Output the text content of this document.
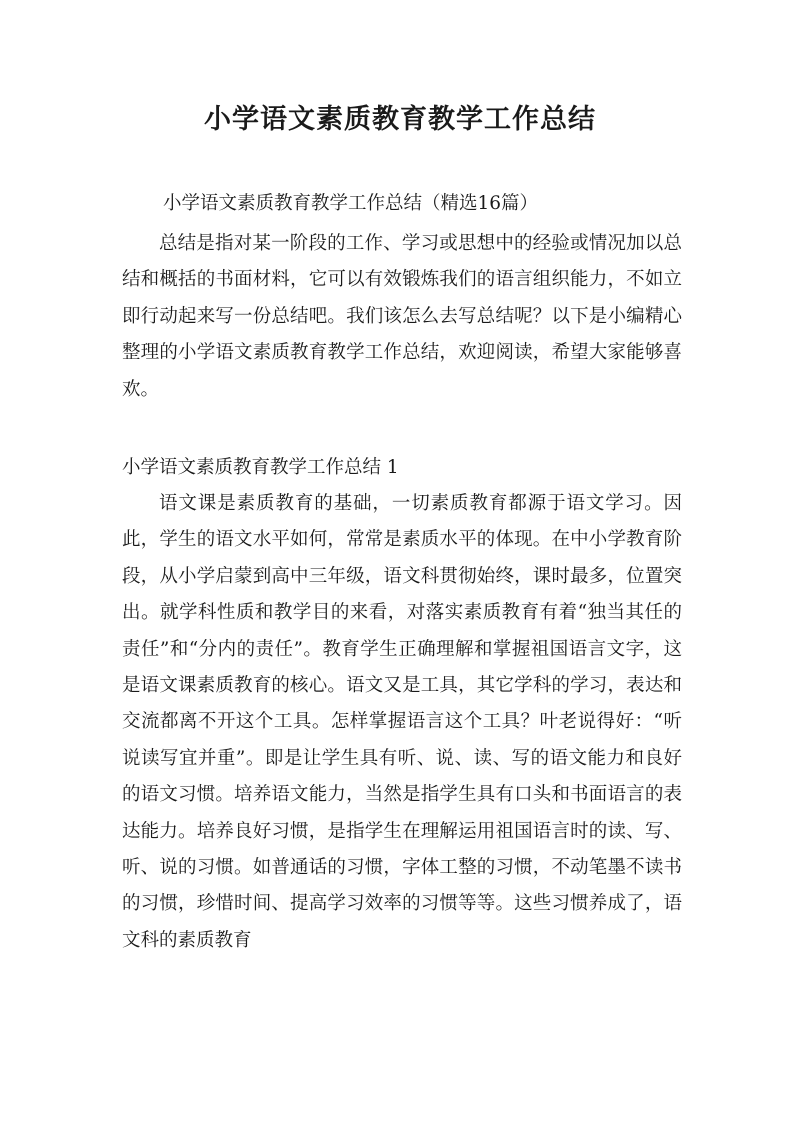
小学语文素质教育教学工作总结

小学语文素质教育教学工作总结（精选16篇）

总结是指对某一阶段的工作、学习或思想中的经验或情况加以总结和概括的书面材料，它可以有效锻炼我们的语言组织能力，不如立即行动起来写一份总结吧。我们该怎么去写总结呢？以下是小编精心整理的小学语文素质教育教学工作总结，欢迎阅读，希望大家能够喜欢。

小学语文素质教育教学工作总结 1

语文课是素质教育的基础，一切素质教育都源于语文学习。因此，学生的语文水平如何，常常是素质水平的体现。在中小学教育阶段，从小学启蒙到高中三年级，语文科贯彻始终，课时最多，位置突出。就学科性质和教学目的来看，对落实素质教育有着“独当其任的责任”和“分内的责任”。教育学生正确理解和掌握祖国语言文字，这是语文课素质教育的核心。语文又是工具，其它学科的学习，表达和交流都离不开这个工具。怎样掌握语言这个工具？叶老说得好：“听说读写宜并重”。即是让学生具有听、说、读、写的语文能力和良好的语文习惯。培养语文能力，当然是指学生具有口头和书面语言的表达能力。培养良好习惯，是指学生在理解运用祖国语言时的读、写、听、说的习惯。如普通话的习惯，字体工整的习惯，不动笔墨不读书的习惯，珍惜时间、提高学习效率的习惯等等。这些习惯养成了，语文科的素质教育
